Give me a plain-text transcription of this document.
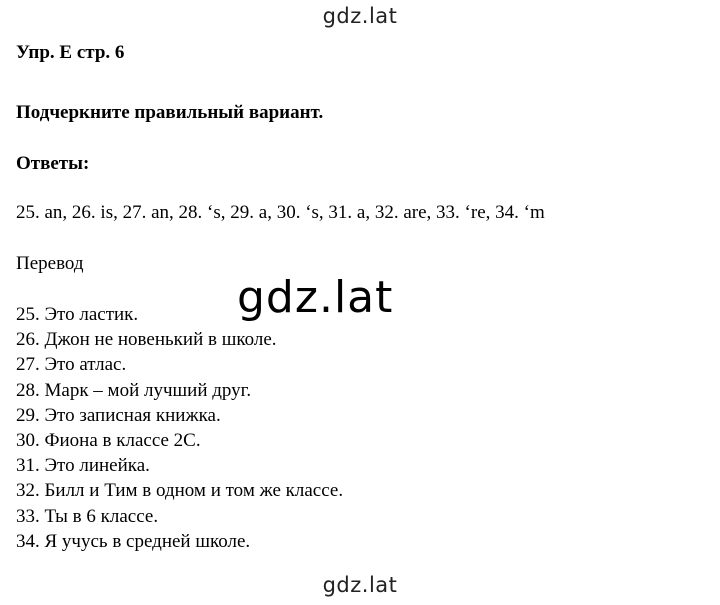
gdz.lat
Упр. E стр. 6
Подчеркните правильный вариант.
Ответы:
25. an, 26. is, 27. an, 28. ‘s, 29. a, 30. ‘s, 31. a, 32. are, 33. ‘re, 34. ‘m
Перевод
25. Это ластик.
26. Джон не новенький в школе.
27. Это атлас.
28. Марк – мой лучший друг.
29. Это записная книжка.
30. Фиона в классе 2С.
31. Это линейка.
32. Билл и Тим в одном и том же классе.
33. Ты в 6 классе.
34. Я учусь в средней школе.
gdz.lat
gdz.lat
